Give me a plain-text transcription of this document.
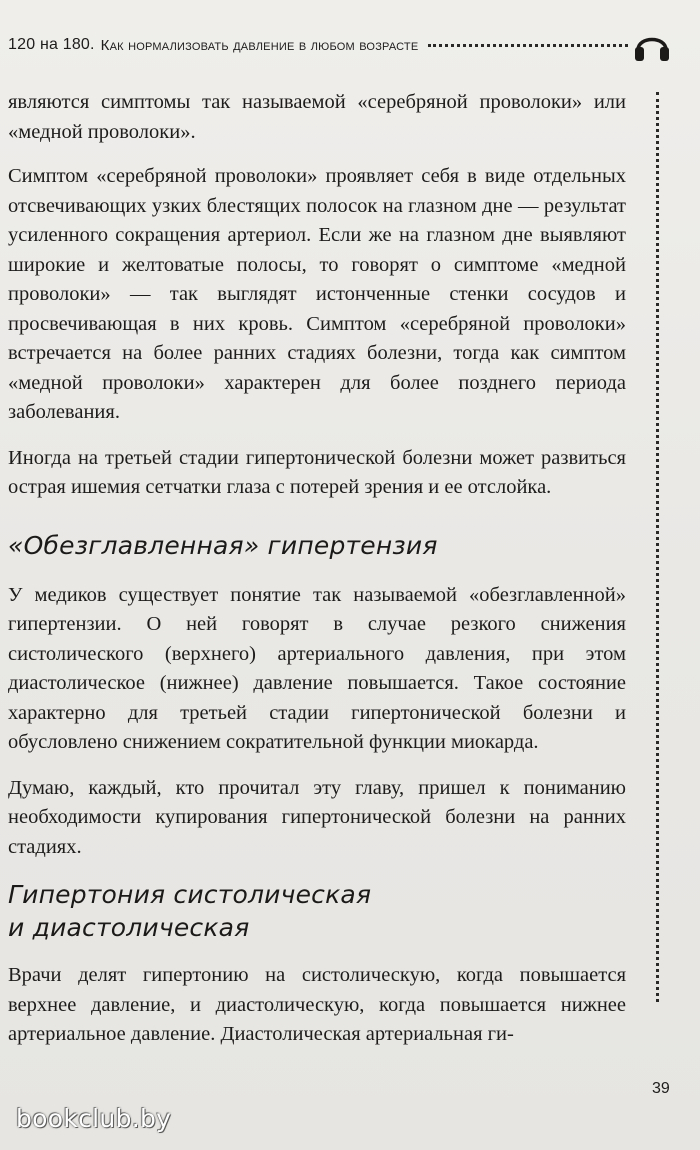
120 на 180. Как нормализовать давление в любом возрасте

являются симптомы так называемой «серебряной проволоки» или «медной проволоки».

Симптом «серебряной проволоки» проявляет себя в виде отдельных отсвечивающих узких блестящих полосок на глазном дне — результат усиленного сокращения артериол. Если же на глазном дне выявляют широкие и желтоватые полосы, то говорят о симптоме «медной проволоки» — так выглядят истонченные стенки сосудов и просвечивающая в них кровь. Симптом «серебряной проволоки» встречается на более ранних стадиях болезни, тогда как симптом «медной проволоки» характерен для более позднего периода заболевания.

Иногда на третьей стадии гипертонической болезни может развиться острая ишемия сетчатки глаза с потерей зрения и ее отслойка.

«Обезглавленная» гипертензия

У медиков существует понятие так называемой «обезглавленной» гипертензии. О ней говорят в случае резкого снижения систолического (верхнего) артериального давления, при этом диастолическое (нижнее) давление повышается. Такое состояние характерно для третьей стадии гипертонической болезни и обусловлено снижением сократительной функции миокарда.

Думаю, каждый, кто прочитал эту главу, пришел к пониманию необходимости купирования гипертонической болезни на ранних стадиях.

Гипертония систолическая
и диастолическая

Врачи делят гипертонию на систолическую, когда повышается верхнее давление, и диастолическую, когда повышается нижнее артериальное давление. Диастолическая артериальная ги-

39
bookclub.by
